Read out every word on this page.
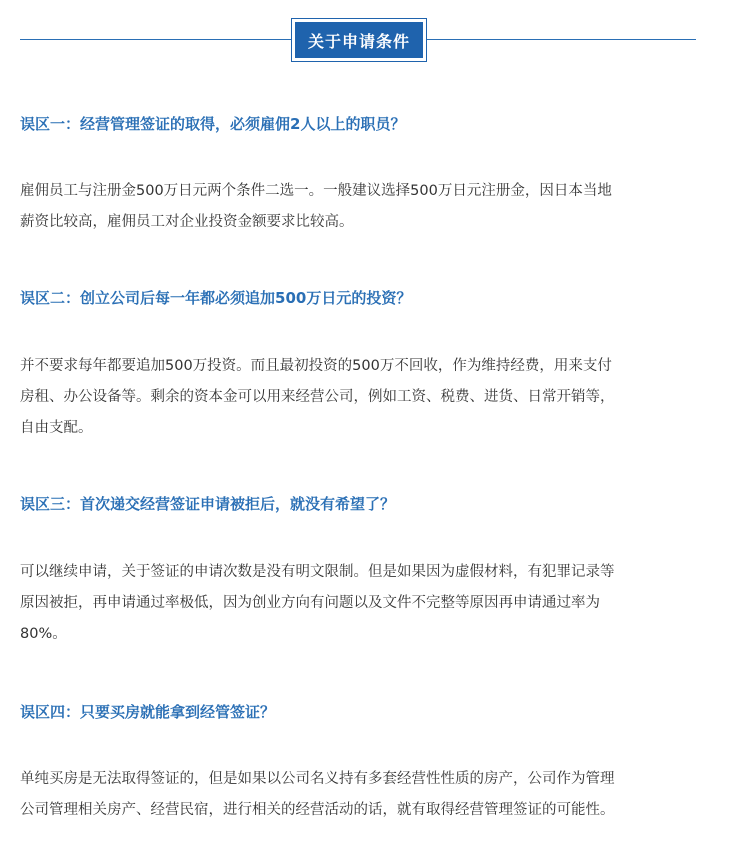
关于申请条件
误区一：经营管理签证的取得，必须雇佣2人以上的职员？
雇佣员工与注册金500万日元两个条件二选一。一般建议选择500万日元注册金，因日本当地
薪资比较高，雇佣员工对企业投资金额要求比较高。
误区二：创立公司后每一年都必须追加500万日元的投资？
并不要求每年都要追加500万投资。而且最初投资的500万不回收，作为维持经费，用来支付
房租、办公设备等。剩余的资本金可以用来经营公司，例如工资、税费、进货、日常开销等，
自由支配。
误区三：首次递交经营签证申请被拒后，就没有希望了？
可以继续申请，关于签证的申请次数是没有明文限制。但是如果因为虚假材料，有犯罪记录等
原因被拒，再申请通过率极低，因为创业方向有问题以及文件不完整等原因再申请通过率为
80%。
误区四：只要买房就能拿到经管签证？
单纯买房是无法取得签证的，但是如果以公司名义持有多套经营性性质的房产，公司作为管理
公司管理相关房产、经营民宿，进行相关的经营活动的话，就有取得经营管理签证的可能性。
